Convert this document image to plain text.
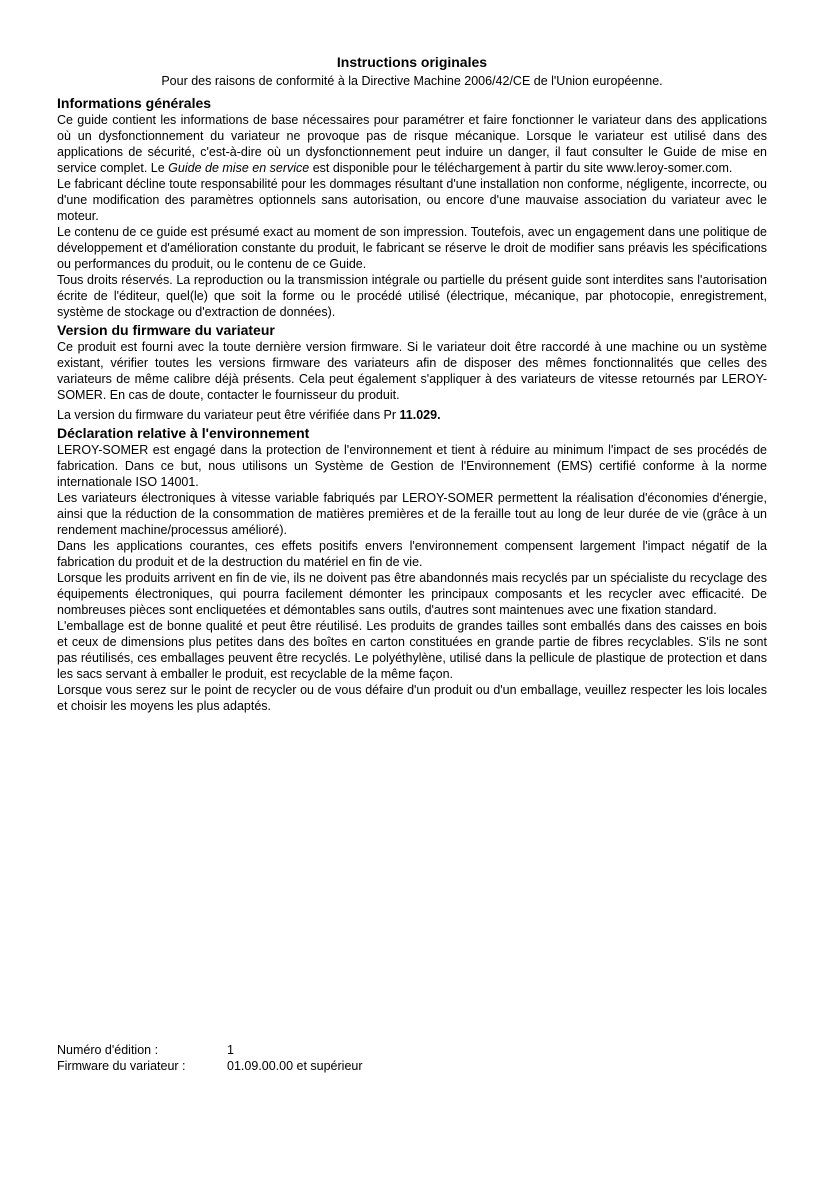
Instructions originales
Pour des raisons de conformité à la Directive Machine 2006/42/CE de l'Union européenne.
Informations générales

Ce guide contient les informations de base nécessaires pour paramétrer et faire fonctionner le variateur dans des applications où un dysfonctionnement du variateur ne provoque pas de risque mécanique. Lorsque le variateur est utilisé dans des applications de sécurité, c'est-à-dire où un dysfonctionnement peut induire un danger, il faut consulter le Guide de mise en service complet. Le Guide de mise en service est disponible pour le téléchargement à partir du site www.leroy-somer.com.

Le fabricant décline toute responsabilité pour les dommages résultant d'une installation non conforme, négligente, incorrecte, ou d'une modification des paramètres optionnels sans autorisation, ou encore d'une mauvaise association du variateur avec le moteur.

Le contenu de ce guide est présumé exact au moment de son impression. Toutefois, avec un engagement dans une politique de développement et d'amélioration constante du produit, le fabricant se réserve le droit de modifier sans préavis les spécifications ou performances du produit, ou le contenu de ce Guide.

Tous droits réservés. La reproduction ou la transmission intégrale ou partielle du présent guide sont interdites sans l'autorisation écrite de l'éditeur, quel(le) que soit la forme ou le procédé utilisé (électrique, mécanique, par photocopie, enregistrement, système de stockage ou d'extraction de données).

Version du firmware du variateur

Ce produit est fourni avec la toute dernière version firmware. Si le variateur doit être raccordé à une machine ou un système existant, vérifier toutes les versions firmware des variateurs afin de disposer des mêmes fonctionnalités que celles des variateurs de même calibre déjà présents. Cela peut également s'appliquer à des variateurs de vitesse retournés par LEROY-SOMER. En cas de doute, contacter le fournisseur du produit.

La version du firmware du variateur peut être vérifiée dans Pr 11.029.

Déclaration relative à l'environnement

LEROY-SOMER est engagé dans la protection de l'environnement et tient à réduire au minimum l'impact de ses procédés de fabrication. Dans ce but, nous utilisons un Système de Gestion de l'Environnement (EMS) certifié conforme à la norme internationale ISO 14001.

Les variateurs électroniques à vitesse variable fabriqués par LEROY-SOMER permettent la réalisation d'économies d'énergie, ainsi que la réduction de la consommation de matières premières et de la feraille tout au long de leur durée de vie (grâce à un rendement machine/processus amélioré).

Dans les applications courantes, ces effets positifs envers l'environnement compensent largement l'impact négatif de la fabrication du produit et de la destruction du matériel en fin de vie.

Lorsque les produits arrivent en fin de vie, ils ne doivent pas être abandonnés mais recyclés par un spécialiste du recyclage des équipements électroniques, qui pourra facilement démonter les principaux composants et les recycler avec efficacité. De nombreuses pièces sont encliquetées et démontables sans outils, d'autres sont maintenues avec une fixation standard.

L'emballage est de bonne qualité et peut être réutilisé. Les produits de grandes tailles sont emballés dans des caisses en bois et ceux de dimensions plus petites dans des boîtes en carton constituées en grande partie de fibres recyclables. S'ils ne sont pas réutilisés, ces emballages peuvent être recyclés. Le polyéthylène, utilisé dans la pellicule de plastique de protection et dans les sacs servant à emballer le produit, est recyclable de la même façon.

Lorsque vous serez sur le point de recycler ou de vous défaire d'un produit ou d'un emballage, veuillez respecter les lois locales et choisir les moyens les plus adaptés.

Numéro d'édition :	1
Firmware du variateur :	01.09.00.00 et supérieur
